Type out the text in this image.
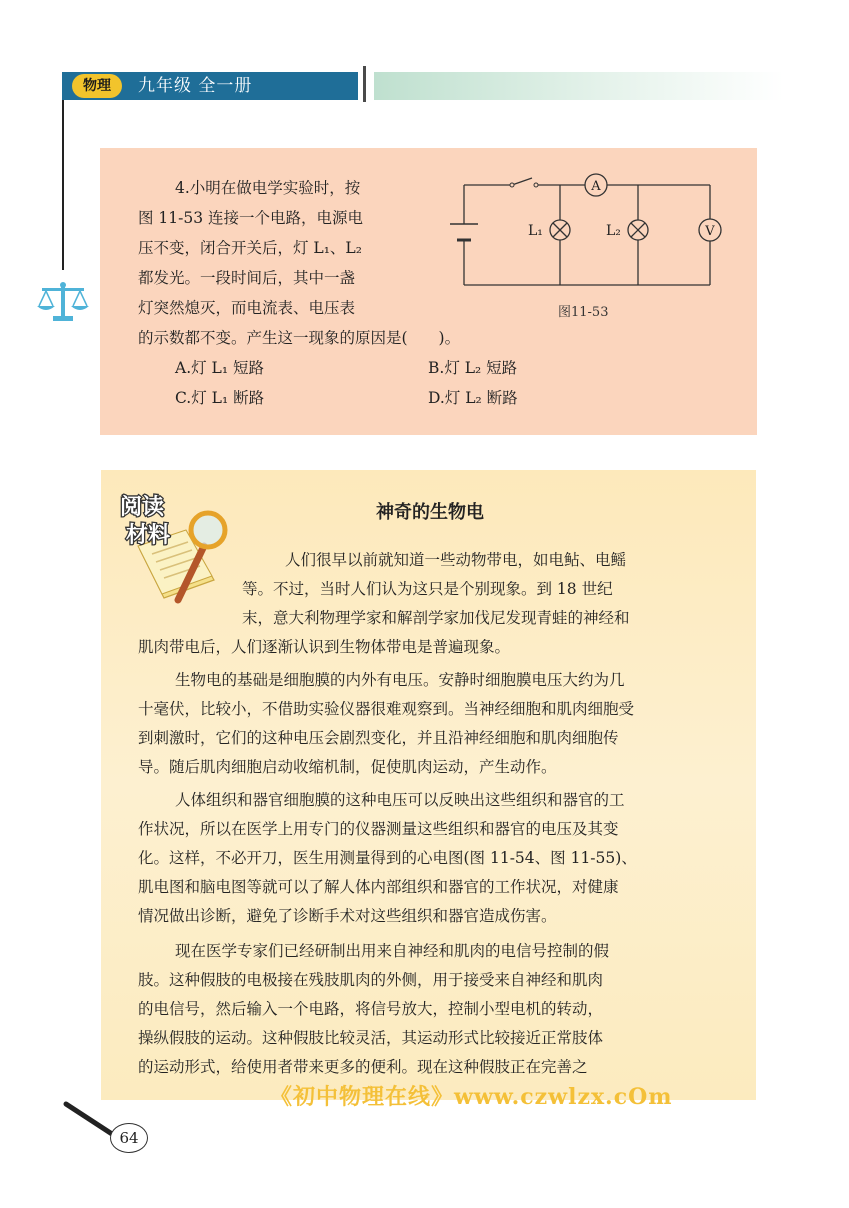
物理	九年级 全一册
4.小明在做电学实验时，按
图 11-53 连接一个电路，电源电
压不变，闭合开关后，灯 L₁、L₂
都发光。一段时间后，其中一盏
灯突然熄灭，而电流表、电压表
的示数都不变。产生这一现象的原因是(　　)。
A.灯 L₁ 短路	B.灯 L₂ 短路
C.灯 L₁ 断路	D.灯 L₂ 断路
A
V
L₁	L₂
图11-53
阅读
材料
神奇的生物电
人们很早以前就知道一些动物带电，如电鲇、电鳐
等。不过，当时人们认为这只是个别现象。到 18 世纪
末，意大利物理学家和解剖学家加伐尼发现青蛙的神经和
肌肉带电后，人们逐渐认识到生物体带电是普遍现象。
生物电的基础是细胞膜的内外有电压。安静时细胞膜电压大约为几
十毫伏，比较小，不借助实验仪器很难观察到。当神经细胞和肌肉细胞受
到刺激时，它们的这种电压会剧烈变化，并且沿神经细胞和肌肉细胞传
导。随后肌肉细胞启动收缩机制，促使肌肉运动，产生动作。
人体组织和器官细胞膜的这种电压可以反映出这些组织和器官的工
作状况，所以在医学上用专门的仪器测量这些组织和器官的电压及其变
化。这样，不必开刀，医生用测量得到的心电图(图 11-54、图 11-55)、
肌电图和脑电图等就可以了解人体内部组织和器官的工作状况，对健康
情况做出诊断，避免了诊断手术对这些组织和器官造成伤害。
现在医学专家们已经研制出用来自神经和肌肉的电信号控制的假
肢。这种假肢的电极接在残肢肌肉的外侧，用于接受来自神经和肌肉
的电信号，然后输入一个电路，将信号放大，控制小型电机的转动，
操纵假肢的运动。这种假肢比较灵活，其运动形式比较接近正常肢体
的运动形式，给使用者带来更多的便利。现在这种假肢正在完善之
《初中物理在线》www.czwlzx.cOm
64
